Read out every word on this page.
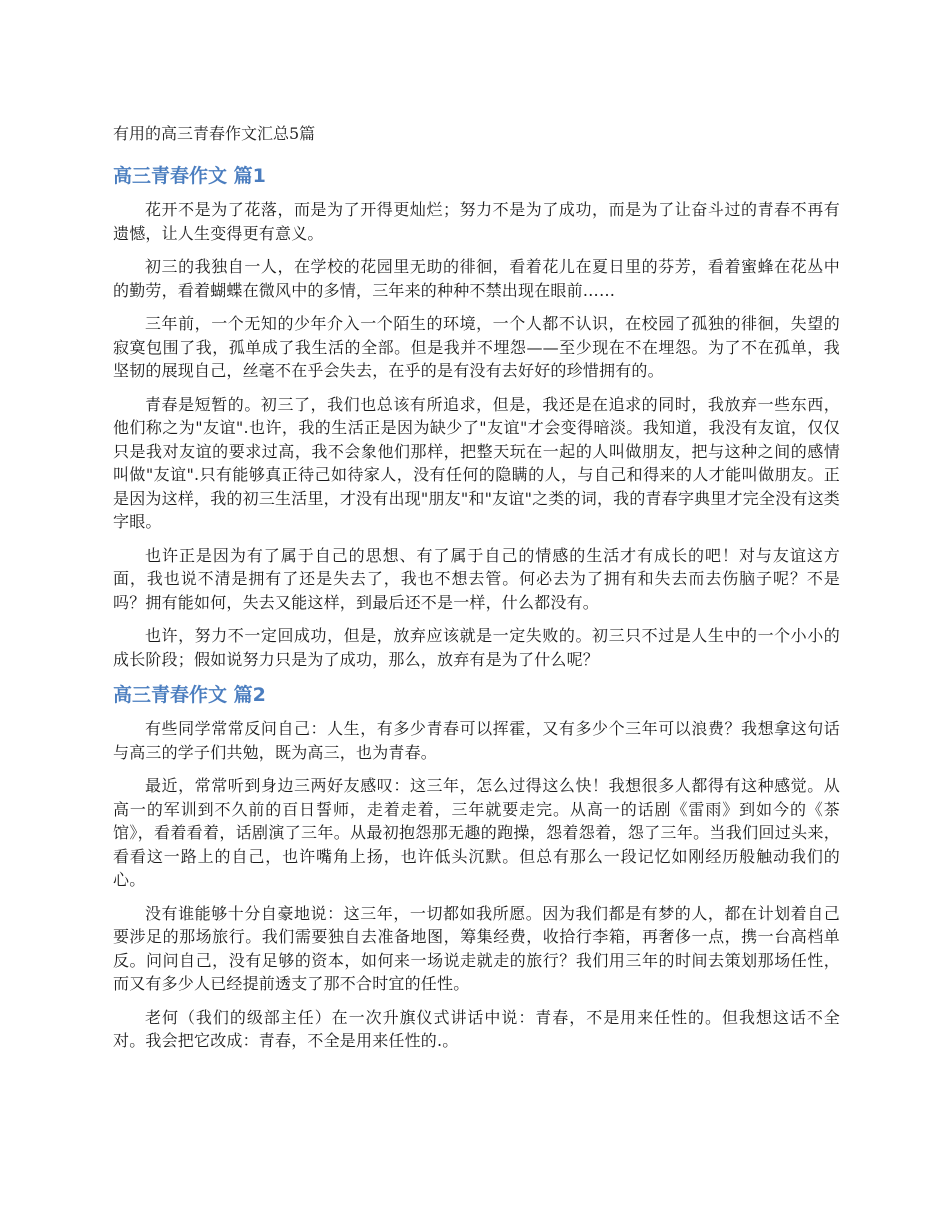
有用的高三青春作文汇总5篇
高三青春作文 篇1

花开不是为了花落，而是为了开得更灿烂；努力不是为了成功，而是为了让奋斗过的青春不再有遗憾，让人生变得更有意义。

初三的我独自一人，在学校的花园里无助的徘徊，看着花儿在夏日里的芬芳，看着蜜蜂在花丛中的勤劳，看着蝴蝶在微风中的多情，三年来的种种不禁出现在眼前……

三年前，一个无知的少年介入一个陌生的环境，一个人都不认识，在校园了孤独的徘徊，失望的寂寞包围了我，孤单成了我生活的全部。但是我并不埋怨——至少现在不在埋怨。为了不在孤单，我坚韧的展现自己，丝毫不在乎会失去，在乎的是有没有去好好的珍惜拥有的。

青春是短暂的。初三了，我们也总该有所追求，但是，我还是在追求的同时，我放弃一些东西，他们称之为"友谊".也许，我的生活正是因为缺少了"友谊"才会变得暗淡。我知道，我没有友谊，仅仅只是我对友谊的要求过高，我不会象他们那样，把整天玩在一起的人叫做朋友，把与这种之间的感情叫做"友谊".只有能够真正待己如待家人，没有任何的隐瞒的人，与自己和得来的人才能叫做朋友。正是因为这样，我的初三生活里，才没有出现"朋友"和"友谊"之类的词，我的青春字典里才完全没有这类字眼。

也许正是因为有了属于自己的思想、有了属于自己的情感的生活才有成长的吧！对与友谊这方面，我也说不清是拥有了还是失去了，我也不想去管。何必去为了拥有和失去而去伤脑子呢？不是吗？拥有能如何，失去又能这样，到最后还不是一样，什么都没有。

也许，努力不一定回成功，但是，放弃应该就是一定失败的。初三只不过是人生中的一个小小的成长阶段；假如说努力只是为了成功，那么，放弃有是为了什么呢？

高三青春作文 篇2

有些同学常常反问自己：人生，有多少青春可以挥霍，又有多少个三年可以浪费？我想拿这句话与高三的学子们共勉，既为高三，也为青春。

最近，常常听到身边三两好友感叹：这三年，怎么过得这么快！我想很多人都得有这种感觉。从高一的军训到不久前的百日誓师，走着走着，三年就要走完。从高一的话剧《雷雨》到如今的《茶馆》，看着看着，话剧演了三年。从最初抱怨那无趣的跑操，怨着怨着，怨了三年。当我们回过头来，看看这一路上的自己，也许嘴角上扬，也许低头沉默。但总有那么一段记忆如刚经历般触动我们的心。

没有谁能够十分自豪地说：这三年，一切都如我所愿。因为我们都是有梦的人，都在计划着自己要涉足的那场旅行。我们需要独自去准备地图，筹集经费，收拾行李箱，再奢侈一点，携一台高档单反。问问自己，没有足够的资本，如何来一场说走就走的旅行？我们用三年的时间去策划那场任性，而又有多少人已经提前透支了那不合时宜的任性。

老何（我们的级部主任）在一次升旗仪式讲话中说：青春，不是用来任性的。但我想这话不全对。我会把它改成：青春，不全是用来任性的.。
